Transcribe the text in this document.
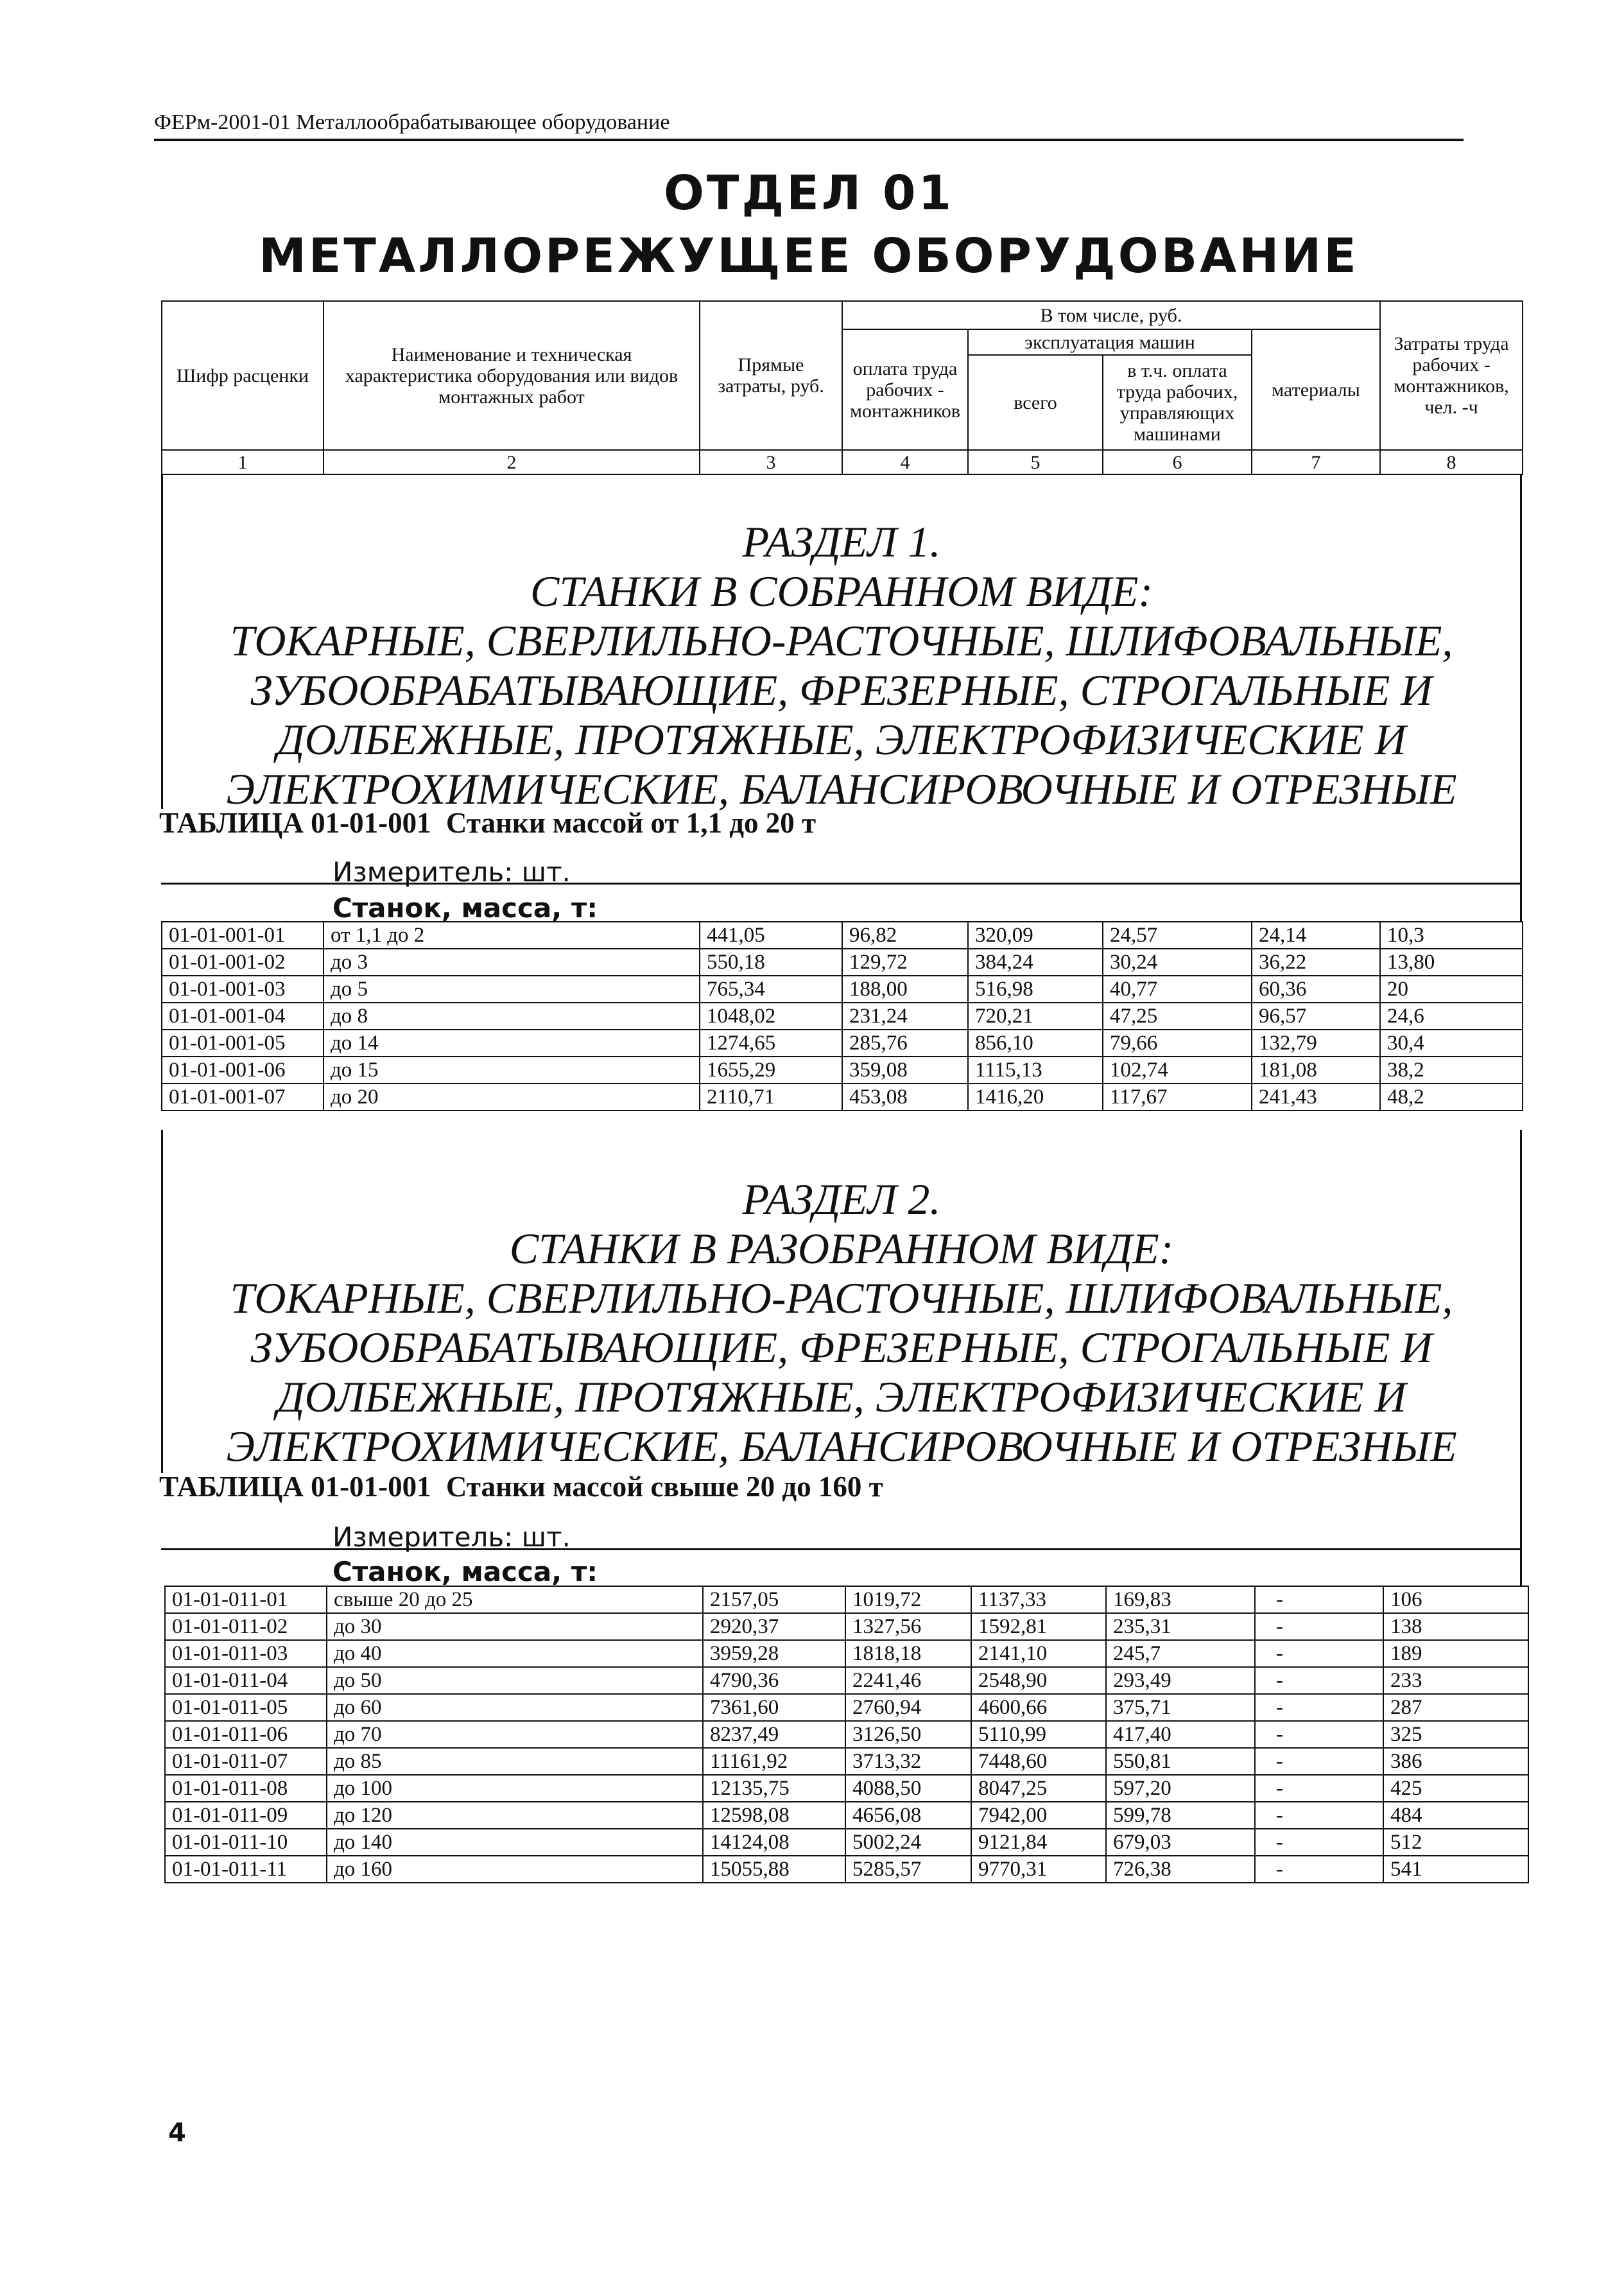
ФЕРм-2001-01 Металлообрабатывающее оборудование
ОТДЕЛ 01
МЕТАЛЛОРЕЖУЩЕЕ ОБОРУДОВАНИЕ
Шифр расценки	Наименование и техническая характеристика оборудования или видов монтажных работ	Прямые затраты, руб.	В том числе, руб.				Затраты труда рабочих - монтажников, чел. -ч
			оплата труда рабочих - монтажников	эксплуатация машин		материалы	
				всего	в т.ч. оплата труда рабочих, управляющих машинами		
1	2	3	4	5	6	7	8
РАЗДЕЛ 1.
СТАНКИ В СОБРАННОМ ВИДЕ:
ТОКАРНЫЕ, СВЕРЛИЛЬНО-РАСТОЧНЫЕ, ШЛИФОВАЛЬНЫЕ,
ЗУБООБРАБАТЫВАЮЩИЕ, ФРЕЗЕРНЫЕ, СТРОГАЛЬНЫЕ И
ДОЛБЕЖНЫЕ, ПРОТЯЖНЫЕ, ЭЛЕКТРОФИЗИЧЕСКИЕ И
ЭЛЕКТРОХИМИЧЕСКИЕ, БАЛАНСИРОВОЧНЫЕ И ОТРЕЗНЫЕ
ТАБЛИЦА 01-01-001 Станки массой от 1,1 до 20 т
Измеритель: шт.
Станок, масса, т:
01-01-001-01	от 1,1 до 2	441,05	96,82	320,09	24,57	24,14	10,3
01-01-001-02	до 3	550,18	129,72	384,24	30,24	36,22	13,80
01-01-001-03	до 5	765,34	188,00	516,98	40,77	60,36	20
01-01-001-04	до 8	1048,02	231,24	720,21	47,25	96,57	24,6
01-01-001-05	до 14	1274,65	285,76	856,10	79,66	132,79	30,4
01-01-001-06	до 15	1655,29	359,08	1115,13	102,74	181,08	38,2
01-01-001-07	до 20	2110,71	453,08	1416,20	117,67	241,43	48,2
РАЗДЕЛ 2.
СТАНКИ В РАЗОБРАННОМ ВИДЕ:
ТОКАРНЫЕ, СВЕРЛИЛЬНО-РАСТОЧНЫЕ, ШЛИФОВАЛЬНЫЕ,
ЗУБООБРАБАТЫВАЮЩИЕ, ФРЕЗЕРНЫЕ, СТРОГАЛЬНЫЕ И
ДОЛБЕЖНЫЕ, ПРОТЯЖНЫЕ, ЭЛЕКТРОФИЗИЧЕСКИЕ И
ЭЛЕКТРОХИМИЧЕСКИЕ, БАЛАНСИРОВОЧНЫЕ И ОТРЕЗНЫЕ
ТАБЛИЦА 01-01-001 Станки массой свыше 20 до 160 т
Измеритель: шт.
Станок, масса, т:
01-01-011-01	свыше 20 до 25	2157,05	1019,72	1137,33	169,83	-	106
01-01-011-02	до 30	2920,37	1327,56	1592,81	235,31	-	138
01-01-011-03	до 40	3959,28	1818,18	2141,10	245,7	-	189
01-01-011-04	до 50	4790,36	2241,46	2548,90	293,49	-	233
01-01-011-05	до 60	7361,60	2760,94	4600,66	375,71	-	287
01-01-011-06	до 70	8237,49	3126,50	5110,99	417,40	-	325
01-01-011-07	до 85	11161,92	3713,32	7448,60	550,81	-	386
01-01-011-08	до 100	12135,75	4088,50	8047,25	597,20	-	425
01-01-011-09	до 120	12598,08	4656,08	7942,00	599,78	-	484
01-01-011-10	до 140	14124,08	5002,24	9121,84	679,03	-	512
01-01-011-11	до 160	15055,88	5285,57	9770,31	726,38	-	541
4
